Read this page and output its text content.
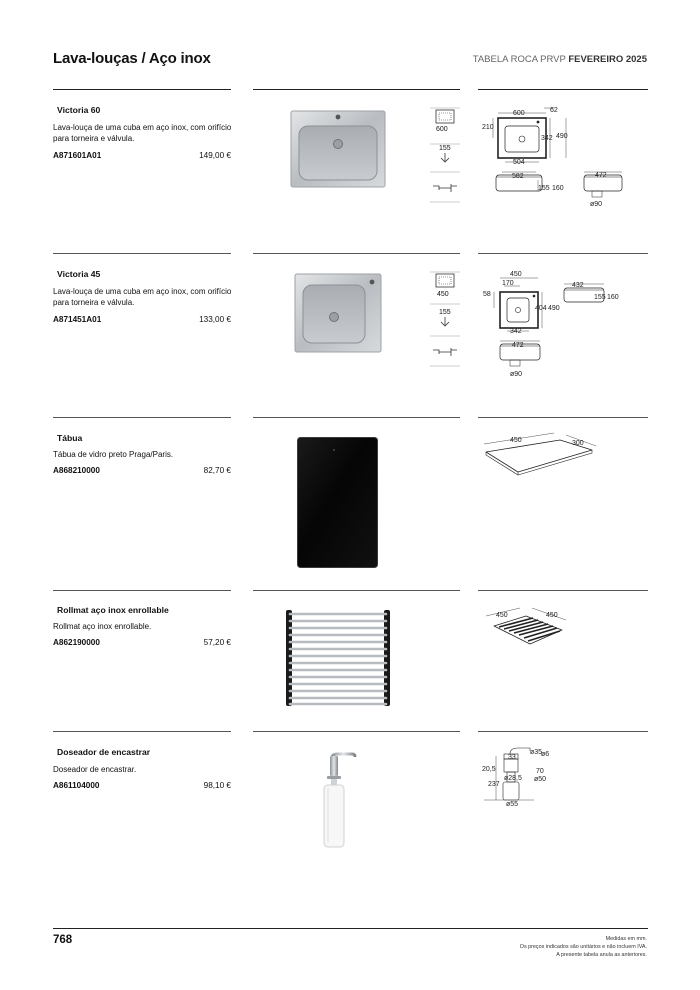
Lava-louças / Aço inox	TABELA ROCA PRVP FEVEREIRO 2025
Victoria 60
Lava-louça de uma cuba em aço inox, com orifício para torneira e válvula.
A871601A01	149,00 €
600
155
600	62
210
342 490
504
582
155 160
472
ø90
Victoria 45
Lava-louça de uma cuba em aço inox, com orifício para torneira e válvula.
A871451A01	133,00 €
450
155
450
170
58
404 490
342
432
155 160
472
ø90
Tábua
Tábua de vidro preto Praga/Paris.
A868210000	82,70 €
R
450	300
Rollmat aço inox enrollable
Rollmat aço inox enrollable.
A862190000	57,20 €
450	450
Doseador de encastrar
Doseador de encastrar.
A861104000	98,10 €
33
ø35
ø6
20,5	70
ø28,5 ø50
237
ø55
768	Medidas em mm.
Os preços indicados são unitários e não incluem IVA.
A presente tabela anula as anteriores.
